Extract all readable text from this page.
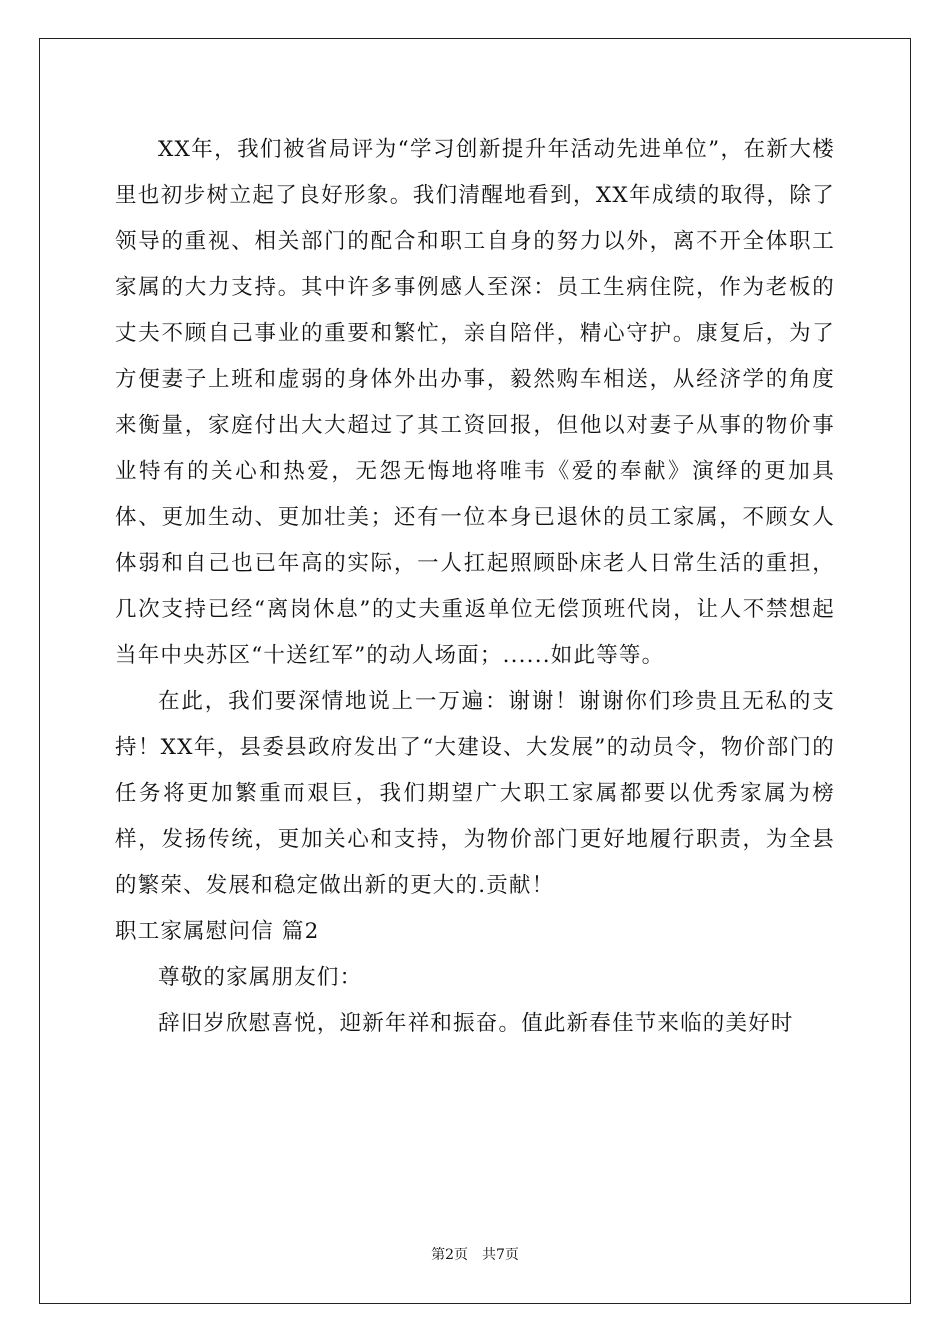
XX年，我们被省局评为“学习创新提升年活动先进单位”，在新大楼里也初步树立起了良好形象。我们清醒地看到，XX年成绩的取得，除了领导的重视、相关部门的配合和职工自身的努力以外，离不开全体职工家属的大力支持。其中许多事例感人至深：员工生病住院，作为老板的丈夫不顾自己事业的重要和繁忙，亲自陪伴，精心守护。康复后，为了方便妻子上班和虚弱的身体外出办事，毅然购车相送，从经济学的角度来衡量，家庭付出大大超过了其工资回报，但他以对妻子从事的物价事业特有的关心和热爱，无怨无悔地将唯韦《爱的奉献》演绎的更加具体、更加生动、更加壮美；还有一位本身已退休的员工家属，不顾女人体弱和自己也已年高的实际，一人扛起照顾卧床老人日常生活的重担，几次支持已经“离岗休息”的丈夫重返单位无偿顶班代岗，让人不禁想起当年中央苏区“十送红军”的动人场面；......如此等等。

在此，我们要深情地说上一万遍：谢谢！谢谢你们珍贵且无私的支持！XX年，县委县政府发出了“大建设、大发展”的动员令，物价部门的任务将更加繁重而艰巨，我们期望广大职工家属都要以优秀家属为榜样，发扬传统，更加关心和支持，为物价部门更好地履行职责，为全县的繁荣、发展和稳定做出新的更大的.贡献！

职工家属慰问信 篇2

尊敬的家属朋友们：

辞旧岁欣慰喜悦，迎新年祥和振奋。值此新春佳节来临的美好时

第2页　共7页
